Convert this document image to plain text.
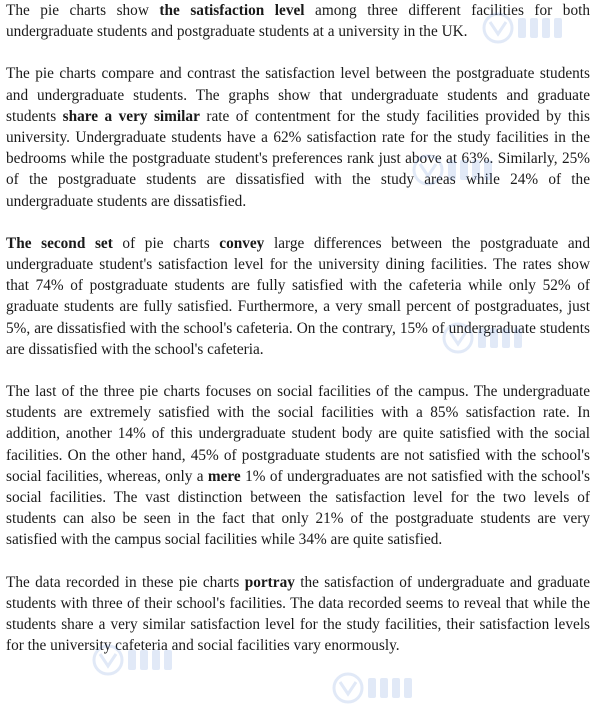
The pie charts show the satisfaction level among three different facilities for both undergraduate students and postgraduate students at a university in the UK.

The pie charts compare and contrast the satisfaction level between the postgraduate students and undergraduate students. The graphs show that undergraduate students and graduate students share a very similar rate of contentment for the study facilities provided by this university. Undergraduate students have a 62% satisfaction rate for the study facilities in the bedrooms while the postgraduate student's preferences rank just above at 63%. Similarly, 25% of the postgraduate students are dissatisfied with the study areas while 24% of the undergraduate students are dissatisfied.

The second set of pie charts convey large differences between the postgraduate and undergraduate student's satisfaction level for the university dining facilities. The rates show that 74% of postgraduate students are fully satisfied with the cafeteria while only 52% of graduate students are fully satisfied. Furthermore, a very small percent of postgraduates, just 5%, are dissatisfied with the school's cafeteria. On the contrary, 15% of undergraduate students are dissatisfied with the school's cafeteria.

The last of the three pie charts focuses on social facilities of the campus. The undergraduate students are extremely satisfied with the social facilities with a 85% satisfaction rate. In addition, another 14% of this undergraduate student body are quite satisfied with the social facilities. On the other hand, 45% of postgraduate students are not satisfied with the school's social facilities, whereas, only a mere 1% of undergraduates are not satisfied with the school's social facilities. The vast distinction between the satisfaction level for the two levels of students can also be seen in the fact that only 21% of the postgraduate students are very satisfied with the campus social facilities while 34% are quite satisfied.

The data recorded in these pie charts portray the satisfaction of undergraduate and graduate students with three of their school's facilities. The data recorded seems to reveal that while the students share a very similar satisfaction level for the study facilities, their satisfaction levels for the university cafeteria and social facilities vary enormously.
